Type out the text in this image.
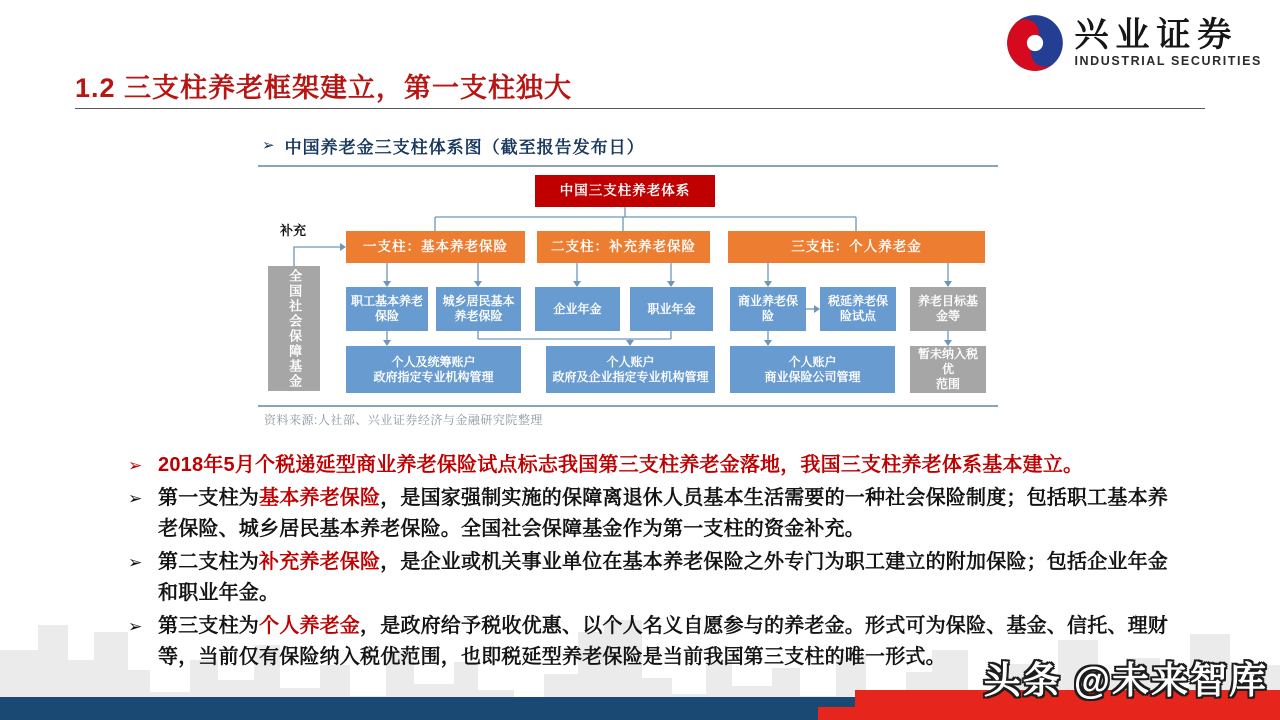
1.2 三支柱养老框架建立，第一支柱独大
兴业证券
INDUSTRIAL SECURITIES
➢ 中国养老金三支柱体系图（截至报告发布日）
中国三支柱养老体系
补充
全国社会保障基金
一支柱：基本养老保险	二支柱：补充养老保险	三支柱：个人养老金
职工基本养老保险
城乡居民基本养老保险
企业年金	职业年金
商业养老保险
税延养老保险试点
养老目标基金等
个人及统筹账户
政府指定专业机构管理
个人账户
政府及企业指定专业机构管理
个人账户
商业保险公司管理
暂未纳入税优
范围
资料来源:人社部、兴业证券经济与金融研究院整理
➢ 2018年5月个税递延型商业养老保险试点标志我国第三支柱养老金落地，我国三支柱养老体系基本建立。
➢ 第一支柱为基本养老保险，是国家强制实施的保障离退休人员基本生活需要的一种社会保险制度；包括职工基本养老保险、城乡居民基本养老保险。全国社会保障基金作为第一支柱的资金补充。
➢ 第二支柱为补充养老保险，是企业或机关事业单位在基本养老保险之外专门为职工建立的附加保险；包括企业年金和职业年金。
➢ 第三支柱为个人养老金，是政府给予税收优惠、以个人名义自愿参与的养老金。形式可为保险、基金、信托、理财等，当前仅有保险纳入税优范围，也即税延型养老保险是当前我国第三支柱的唯一形式。
头条 @未来智库
